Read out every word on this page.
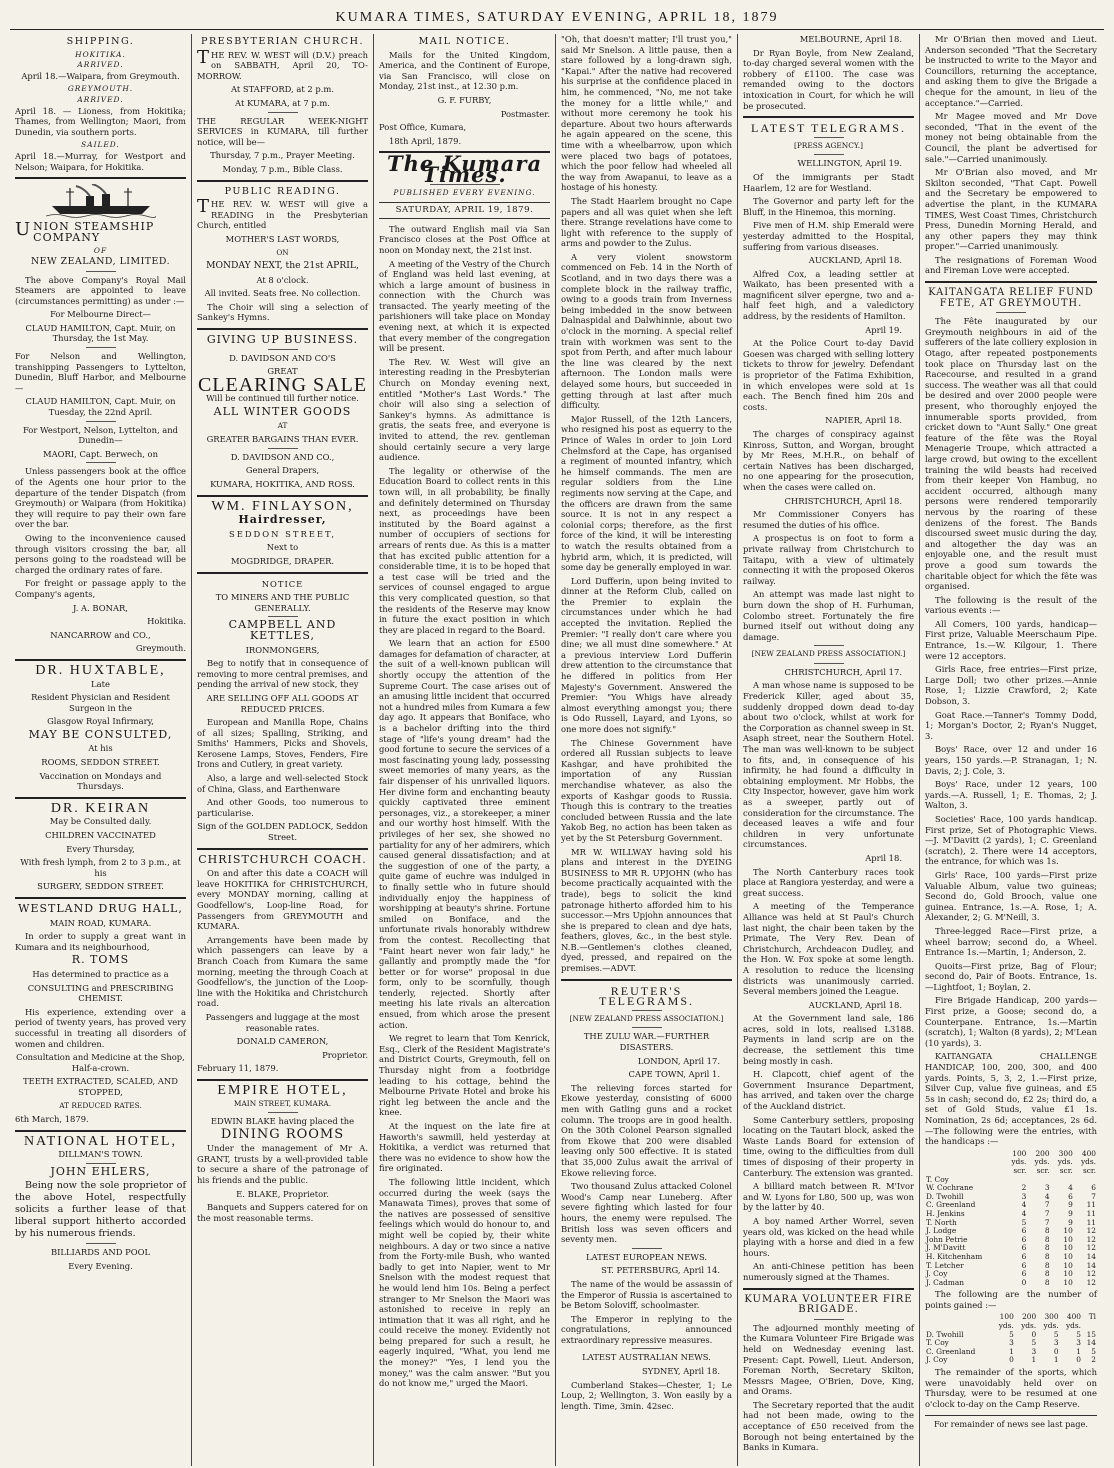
KUMARA TIMES, SATURDAY EVENING, APRIL 18, 1879
SHIPPING.
HOKITIKA.
ARRIVED.

April 18.—Waipara, from Greymouth.

GREYMOUTH.
ARRIVED.

April 18. — Lioness, from Hokitika; Thames, from Wellington; Maori, from Dunedin, via southern ports.

SAILED.

April 18.—Murray, for Westport and Nelson; Waipara, for Hokitika.

UNION STEAMSHIP COMPANY
OF
NEW ZEALAND, LIMITED.

The above Company's Royal Mail Steamers are appointed to leave (circumstances permitting) as under :—

For Melbourne Direct—

CLAUD HAMILTON, Capt. Muir, on Thursday, the 1st May.

For Nelson and Wellington, transhipping Passengers to Lyttelton, Dunedin, Bluff Harbor, and Melbourne—

CLAUD HAMILTON, Capt. Muir, on Tuesday, the 22nd April.

For Westport, Nelson, Lyttelton, and Dunedin—

MAORI, Capt. Berwech, on

Unless passengers book at the office of the Agents one hour prior to the departure of the tender Dispatch (from Greymouth) or Waipara (from Hokitika) they will require to pay their own fare over the bar.

Owing to the inconvenience caused through visitors crossing the bar, all persons going to the roadstead will be charged the ordinary rates of fare.

For freight or passage apply to the Company's agents,

J. A. BONAR,

Hokitika.

NANCARROW and CO.,

Greymouth.

DR. HUXTABLE,

Late

Resident Physician and Resident Surgeon in the

Glasgow Royal Infirmary,

MAY BE CONSULTED,

At his

ROOMS, SEDDON STREET.

Vaccination on Mondays and Thursdays.

DR. KEIRAN

May be Consulted daily.

CHILDREN VACCINATED

Every Thursday,

With fresh lymph, from 2 to 3 p.m., at his

SURGERY, SEDDON STREET.

WESTLAND DRUG HALL,

MAIN ROAD, KUMARA.

In order to supply a great want in Kumara and its neighbourhood,

R. TOMS

Has determined to practice as a

CONSULTING and PRESCRIBING CHEMIST.

His experience, extending over a period of twenty years, has proved very successful in treating all disorders of women and children.

Consultation and Medicine at the Shop, Half-a-crown.

TEETH EXTRACTED, SCALED, AND STOPPED,

AT REDUCED RATES.

6th March, 1879.

NATIONAL HOTEL,

DILLMAN'S TOWN.

JOHN EHLERS,

Being now the sole proprietor of the above Hotel, respectfully solicits a further lease of that liberal support hitherto accorded by his numerous friends.

BILLIARDS AND POOL

Every Evening.

PRESBYTERIAN CHURCH.

THE REV. W. WEST will (D.V.) preach on SABBATH, April 20, TO-MORROW.

At STAFFORD, at 2 p.m.

At KUMARA, at 7 p.m.

THE REGULAR WEEK-NIGHT SERVICES in KUMARA, till further notice, will be—

Thursday, 7 p.m., Prayer Meeting.

Monday, 7 p.m., Bible Class.

PUBLIC READING.

THE REV. W. WEST will give a READING in the Presbyterian Church, entitled

MOTHER'S LAST WORDS,

ON

MONDAY NEXT, the 21st APRIL,

At 8 o'clock.

All invited. Seats free. No collection.

The Choir will sing a selection of Sankey's Hymns.

GIVING UP BUSINESS.

D. DAVIDSON AND CO'S

GREAT

CLEARING SALE

Will be continued till further notice.

ALL WINTER GOODS

AT

GREATER BARGAINS THAN EVER.

D. DAVIDSON AND CO.,

General Drapers,

KUMARA, HOKITIKA, AND ROSS.

WM. FINLAYSON,
Hairdresser,

SEDDON STREET,

Next to

MOGDRIDGE, DRAPER.

NOTICE

TO MINERS AND THE PUBLIC GENERALLY.

CAMPBELL AND KETTLES,

IRONMONGERS,

Beg to notify that in consequence of removing to more central premises, and pending the arrival of new stock, they

ARE SELLING OFF ALL GOODS AT REDUCED PRICES.

European and Manilla Rope, Chains of all sizes; Spalling, Striking, and Smiths' Hammers, Picks and Shovels, Kerosene Lamps, Stoves, Fenders, Fire Irons and Cutlery, in great variety.

Also, a large and well-selected Stock of China, Glass, and Earthenware

And other Goods, too numerous to particularise.

Sign of the GOLDEN PADLOCK, Seddon Street.

CHRISTCHURCH COACH.

On and after this date a COACH will leave HOKITIKA for CHRISTCHURCH, every MONDAY morning, calling at Goodfellow's, Loop-line Road, for Passengers from GREYMOUTH and KUMARA.

Arrangements have been made by which passengers can leave by a Branch Coach from Kumara the same morning, meeting the through Coach at Goodfellow's, the junction of the Loop-line with the Hokitika and Christchurch road.

Passengers and luggage at the most reasonable rates.

DONALD CAMERON,

Proprietor.

February 11, 1879.

EMPIRE HOTEL,

MAIN STREET, KUMARA.

EDWIN BLAKE having placed the

DINING ROOMS

Under the management of Mr A. GRANT, trusts by a well-provided table to secure a share of the patronage of his friends and the public.

E. BLAKE, Proprietor.

Banquets and Suppers catered for on the most reasonable terms.

MAIL NOTICE.

Mails for the United Kingdom, America, and the Continent of Europe, via San Francisco, will close on Monday, 21st inst., at 12.30 p.m.

G. F. FURBY,

Postmaster.

Post Office, Kumara,

18th April, 1879.

The Kumara Times.
PUBLISHED EVERY EVENING.
SATURDAY, APRIL 19, 1879.

The outward English mail via San Francisco closes at the Post Office at noon on Monday next, the 21st inst.

A meeting of the Vestry of the Church of England was held last evening, at which a large amount of business in connection with the Church was transacted. The yearly meeting of the parishioners will take place on Monday evening next, at which it is expected that every member of the congregation will be present.

The Rev. W. West will give an interesting reading in the Presbyterian Church on Monday evening next, entitled "Mother's Last Words." The choir will also sing a selection of Sankey's hymns. As admittance is gratis, the seats free, and everyone is invited to attend, the rev. gentleman should certainly secure a very large audience.

The legality or otherwise of the Education Board to collect rents in this town will, in all probability, be finally and definitely determined on Thursday next, as proceedings have been instituted by the Board against a number of occupiers of sections for arrears of rents due. As this is a matter that has excited public attention for a considerable time, it is to be hoped that a test case will be tried and the services of counsel engaged to argue this very complicated question, so that the residents of the Reserve may know in future the exact position in which they are placed in regard to the Board.

We learn that an action for £500 damages for defamation of character, at the suit of a well-known publican will shortly occupy the attention of the Supreme Court. The case arises out of an amusing little incident that occurred not a hundred miles from Kumara a few day ago. It appears that Boniface, who is a bachelor drifting into the third stage of "life's young dream" had the good fortune to secure the services of a most fascinating young lady, possessing sweet memories of many years, as the fair dispenser of his unrivalled liquors. Her divine form and enchanting beauty quickly captivated three eminent personages, viz., a storekeeper, a miner and our worthy host himself. With the privileges of her sex, she showed no partiality for any of her admirers, which caused general dissatisfaction; and at the suggestion of one of the party, a quite game of euchre was indulged in to finally settle who in future should individually enjoy the happiness of worshipping at beauty's shrine. Fortune smiled on Boniface, and the unfortunate rivals honorably withdrew from the contest. Recollecting that "Faint heart never won fair lady," he gallantly and promptly made the "for better or for worse" proposal in due form, only to be scornfully, though tenderly, rejected. Shortly after meeting his late rivals an altercation ensued, from which arose the present action.

We regret to learn that Tom Kenrick, Esq., Clerk of the Resident Magistrate's and District Courts, Greymouth, fell on Thursday night from a footbridge leading to his cottage, behind the Melbourne Private Hotel and broke his right leg between the ancle and the knee.

At the inquest on the late fire at Haworth's sawmill, held yesterday at Hokitika, a verdict was returned that there was no evidence to show how the fire originated.

The following little incident, which occurred during the week (says the Manawata Times), proves that some of the natives are possessed of sensitive feelings which would do honour to, and might well be copied by, their white neighbours. A day or two since a native from the Forty-mile Bush, who wanted badly to get into Napier, went to Mr Snelson with the modest request that he would lend him 10s. Being a perfect stranger to Mr Snelson the Maori was astonished to receive in reply an intimation that it was all right, and he could receive the money. Evidently not being prepared for such a result, he eagerly inquired, "What, you lend me the money?" "Yes, I lend you the money," was the calm answer. "But you do not know me," urged the Maori.

"Oh, that doesn't matter; I'll trust you," said Mr Snelson. A little pause, then a stare followed by a long-drawn sigh, "Kapai." After the native had recovered his surprise at the confidence placed in him, he commenced, "No, me not take the money for a little while," and without more ceremony he took his departure. About two hours afterwards he again appeared on the scene, this time with a wheelbarrow, upon which were placed two bags of potatoes, which the poor fellow had wheeled all the way from Awapanui, to leave as a hostage of his honesty.

The Stadt Haarlem brought no Cape papers and all was quiet when she left there. Strange revelations have come to light with reference to the supply of arms and powder to the Zulus.

A very violent snowstorm commenced on Feb. 14 in the North of Scotland, and in two days there was a complete block in the railway traffic, owing to a goods train from Inverness being imbedded in the snow between Dalnaspidal and Dalwhinnie, about two o'clock in the morning. A special relief train with workmen was sent to the spot from Perth, and after much labour the line was cleared by the next afternoon. The London mails were delayed some hours, but succeeded in getting through at last after much difficulty.

Major Russell, of the 12th Lancers, who resigned his post as equerry to the Prince of Wales in order to join Lord Chelmsford at the Cape, has organised a regiment of mounted infantry, which he himself commands. The men are regular soldiers from the Line regiments now serving at the Cape, and the officers are drawn from the same source. It is not in any respect a colonial corps; therefore, as the first force of the kind, it will be interesting to watch the results obtained from a hybrid arm, which, it is predicted, will some day be generally employed in war.

Lord Dufferin, upon being invited to dinner at the Reform Club, called on the Premier to explain the circumstances under which he had accepted the invitation. Replied the Premier: "I really don't care where you dine; we all must dine somewhere." At a previous interview Lord Dufferin drew attention to the circumstance that he differed in politics from Her Majesty's Government. Answered the Premier: "You Whigs have already almost everything amongst you; there is Odo Russell, Layard, and Lyons, so one more does not signify."

The Chinese Government have ordered all Russian subjects to leave Kashgar, and have prohibited the importation of any Russian merchandise whatever, as also the exports of Kashgar goods to Russia. Though this is contrary to the treaties concluded between Russia and the late Yakob Beg, no action has been taken as yet by the St Petersburg Government.

MR W. WILLWAY having sold his plans and interest in the DYEING BUSINESS to MR R. UPJOHN (who has become practically acquainted with the trade), begs to solicit the kind patronage hitherto afforded him to his successor.—Mrs Upjohn announces that she is prepared to clean and dye hats, feathers, gloves, &c., in the best style. N.B.—Gentlemen's clothes cleaned, dyed, pressed, and repaired on the premises.—ADVT.

REUTER'S TELEGRAMS.

[NEW ZEALAND PRESS ASSOCIATION.]

THE ZULU WAR.—FURTHER DISASTERS.

LONDON, April 17.

CAPE TOWN, April 1.

The relieving forces started for Ekowe yesterday, consisting of 6000 men with Gatling guns and a rocket column. The troops are in good health. On the 30th Colonel Pearson signalled from Ekowe that 200 were disabled leaving only 500 effective. It is stated that 35,000 Zulus await the arrival of Ekowe relieving force.

Two thousand Zulus attacked Colonel Wood's Camp near Luneberg. After severe fighting which lasted for four hours, the enemy were repulsed. The British loss was seven officers and seventy men.

LATEST EUROPEAN NEWS.

ST. PETERSBURG, April 14.

The name of the would be assassin of the Emperor of Russia is ascertained to be Betom Soloviff, schoolmaster.

The Emperor in replying to the congratulations, announced extraordinary repressive measures.

LATEST AUSTRALIAN NEWS.

SYDNEY, April 18.

Cumberland Stakes—Chester, 1; Le Loup, 2; Wellington, 3. Won easily by a length. Time, 3min. 42sec.

MELBOURNE, April 18.

Dr Ryan Boyle, from New Zealand, to-day charged several women with the robbery of £1100. The case was remanded owing to the doctors intoxication in Court, for which he will be prosecuted.

LATEST TELEGRAMS.

[PRESS AGENCY.]

WELLINGTON, April 19.

Of the immigrants per Stadt Haarlem, 12 are for Westland.

The Governor and party left for the Bluff, in the Hinemoa, this morning.

Five men of H.M. ship Emerald were yesterday admitted to the Hospital, suffering from various diseases.

AUCKLAND, April 18.

Alfred Cox, a leading settler at Waikato, has been presented with a magnificent silver epergne, two and a-half feet high, and a valedictory address, by the residents of Hamilton.

April 19.

At the Police Court to-day David Goesen was charged with selling lottery tickets to throw for jewelry. Defendant is proprietor of the Fatima Exhibition, in which envelopes were sold at 1s each. The Bench fined him 20s and costs.

NAPIER, April 18.

The charges of conspiracy against Kinross, Sutton, and Worgan, brought by Mr Rees, M.H.R., on behalf of certain Natives has been discharged, no one appearing for the prosecution, when the cases were called on.

CHRISTCHURCH, April 18.

Mr Commissioner Conyers has resumed the duties of his office.

A prospectus is on foot to form a private railway from Christchurch to Taitapu, with a view of ultimately connecting it with the proposed Okeros railway.

An attempt was made last night to burn down the shop of H. Furhuman, Colombo street. Fortunately the fire burned itself out without doing any damage.

[NEW ZEALAND PRESS ASSOCIATION.]

CHRISTCHURCH, April 17.

A man whose name is supposed to be Frederick Killer, aged about 35, suddenly dropped down dead to-day about two o'clock, whilst at work for the Corporation as channel sweep in St. Asaph street, near the Southern Hotel. The man was well-known to be subject to fits, and, in consequence of his infirmity, he had found a difficulty in obtaining employment. Mr Hobbs, the City Inspector, however, gave him work as a sweeper, partly out of consideration for the circumstance. The deceased leaves a wife and four children in very unfortunate circumstances.

April 18.

The North Canterbury races took place at Rangiora yesterday, and were a great success.

A meeting of the Temperance Alliance was held at St Paul's Church last night, the chair been taken by the Primate, The Very Rev. Dean of Christchurch, Archdeacon Dudley, and the Hon. W. Fox spoke at some length. A resolution to reduce the licensing districts was unanimously carried. Several members joined the League.

AUCKLAND, April 18.

At the Government land sale, 186 acres, sold in lots, realised L3188. Payments in land scrip are on the decrease, the settlement this time being mostly in cash.

H. Clapcott, chief agent of the Government Insurance Department, has arrived, and taken over the charge of the Auckland district.

Some Canterbury settlers, proposing locating on the Tautari block, asked the Waste Lands Board for extension of time, owing to the difficulties from dull times of disposing of their property in Canterbury. The extension was granted.

A billiard match between R. M'Ivor and W. Lyons for L80, 500 up, was won by the latter by 40.

A boy named Arther Worrel, seven years old, was kicked on the head while playing with a horse and died in a few hours.

An anti-Chinese petition has been numerously signed at the Thames.

KUMARA VOLUNTEER FIRE BRIGADE.

The adjourned monthly meeting of the Kumara Volunteer Fire Brigade was held on Wednesday evening last. Present: Capt. Powell, Lieut. Anderson, Foreman North, Secretary Skilton, Messrs Magee, O'Brien, Dove, King, and Orams.

The Secretary reported that the audit had not been made, owing to the acceptance of £50 received from the Borough not being entertained by the Banks in Kumara.

Mr O'Brian then moved and Lieut. Anderson seconded "That the Secretary be instructed to write to the Mayor and Councillors, returning the acceptance, and asking them to give the Brigade a cheque for the amount, in lieu of the acceptance."—Carried.

Mr Magee moved and Mr Dove seconded, "That in the event of the money not being obtainable from the Council, the plant be advertised for sale."—Carried unanimously.

Mr O'Brian also moved, and Mr Skilton seconded, "That Capt. Powell and the Secretary be empowered to advertise the plant, in the KUMARA TIMES, West Coast Times, Christchurch Press, Dunedin Morning Herald, and any other papers they may think proper."—Carried unanimously.

The resignations of Foreman Wood and Fireman Love were accepted.

KAITANGATA RELIEF FUND FETE, AT GREYMOUTH.

The Fête inaugurated by our Greymouth neighbours in aid of the sufferers of the late colliery explosion in Otago, after repeated postponements took place on Thursday last on the Racecourse, and resulted in a grand success. The weather was all that could be desired and over 2000 people were present, who thoroughly enjoyed the innumerable sports provided, from cricket down to "Aunt Sally." One great feature of the fête was the Royal Menagerie Troupe, which attracted a large crowd, but owing to the excellent training the wild beasts had received from their keeper Von Hambug, no accident occurred, although many persons were rendered temporarily nervous by the roaring of these denizens of the forest. The Bands discoursed sweet music during the day, and altogether the day was an enjoyable one, and the result must prove a good sum towards the charitable object for which the fête was organised.

The following is the result of the various events :—

All Comers, 100 yards, handicap—First prize, Valuable Meerschaum Pipe. Entrance, 1s.—W. Kilgour, 1. There were 12 acceptors.

Girls Race, free entries—First prize, Large Doll; two other prizes.—Annie Rose, 1; Lizzie Crawford, 2; Kate Dobson, 3.

Goat Race.—Tanner's Tommy Dodd, 1; Morgan's Doctor, 2; Ryan's Nugget, 3.

Boys' Race, over 12 and under 16 years, 150 yards.—P. Stranagan, 1; N. Davis, 2; J. Cole, 3.

Boys' Race, under 12 years, 100 yards.—A. Russell, 1; E. Thomas, 2; J. Walton, 3.

Societies' Race, 100 yards handicap. First prize, Set of Photographic Views.—J. M'Davitt (2 yards), 1; C. Greenland (scratch), 2. There were 14 acceptors, the entrance, for which was 1s.

Girls' Race, 100 yards—First prize Valuable Album, value two guineas; Second do, Gold Brooch, value one guinea. Entrance, 1s.—A. Rose, 1; A. Alexander, 2; G. M'Neill, 3.

Three-legged Race—First prize, a wheel barrow; second do, a Wheel. Entrance 1s.—Martin, 1; Anderson, 2.

Quoits—First prize, Bag of Flour; second do, Pair of Boots. Entrance, 1s.—Lightfoot, 1; Boylan, 2.

Fire Brigade Handicap, 200 yards—First prize, a Goose; second do, a Counterpane. Entrance, 1s.—Martin (scratch), 1; Walton (8 yards), 2; M'Lean (10 yards), 3.

KAITANGATA CHALLENGE HANDICAP, 100, 200, 300, and 400 yards. Points, 5, 3, 2, 1.—First prize, Silver Cup, value five guineas, and £5 5s in cash; second do, £2 2s; third do, a set of Gold Studs, value £1 1s. Nomination, 2s 6d; acceptances, 2s 6d.—The following were the entries, with the handicaps :—

	100	200	300	400
	yds.	yds.	yds.	yds.
	scr.	scr.	scr.	scr.
T. Coy				
W. Cochrane	2	3	4	6
D. Twohill	3	4	6	7
C. Greenland	4	7	9	11
H. Jenkins	4	7	9	11
T. North	5	7	9	11
J. Lodge	6	8	10	12
John Petrie	6	8	10	12
J. M'Davitt	6	8	10	12
H. Kitchenham	6	8	10	14
T. Letcher	6	8	10	14
J. Coy	6	8	10	12
J. Cadman	0	8	10	12

The following are the number of points gained :—

	100	200	300	400	Tl
	yds.	yds.	yds.	yds.	
D. Twohill	5	0	5	5	15
T. Coy	3	5	3	3	14
C. Greenland	1	3	0	1	5
J. Coy	0	1	1	0	2

The remainder of the sports, which were unavoidably held over on Thursday, were to be resumed at one o'clock to-day on the Camp Reserve.

For remainder of news see last page.
